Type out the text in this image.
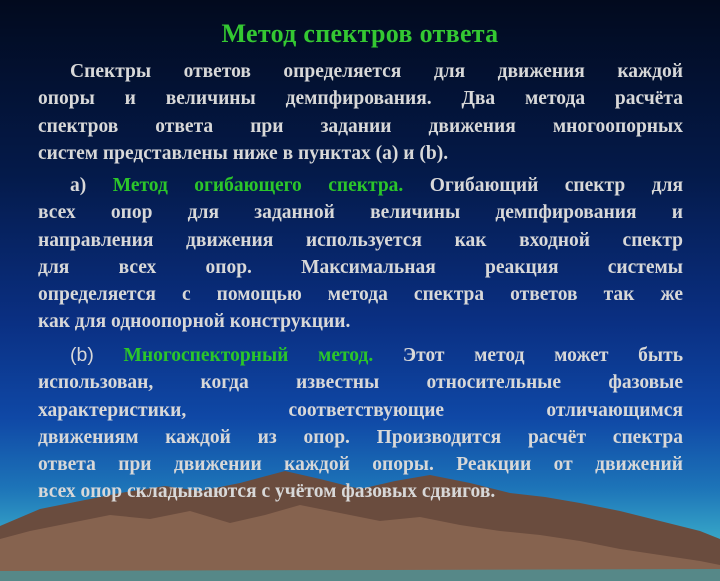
Метод спектров ответа
Спектры ответов определяется для движения каждой
опоры и величины демпфирования. Два метода расчёта
спектров ответа при задании движения многоопорных
систем представлены ниже в пунктах (а) и (b).
а) Метод огибающего спектра. Огибающий спектр для
всех опор для заданной величины демпфирования и
направления движения используется как входной спектр
для всех опор. Максимальная реакция системы
определяется с помощью метода спектра ответов так же
как для одноопорной конструкции.
(b) Многоспекторный метод. Этот метод может быть
использован, когда известны относительные фазовые
характеристики, соответствующие отличающимся
движениям каждой из опор. Производится расчёт спектра
ответа при движении каждой опоры. Реакции от движений
всех опор складываются с учётом фазовых сдвигов.
